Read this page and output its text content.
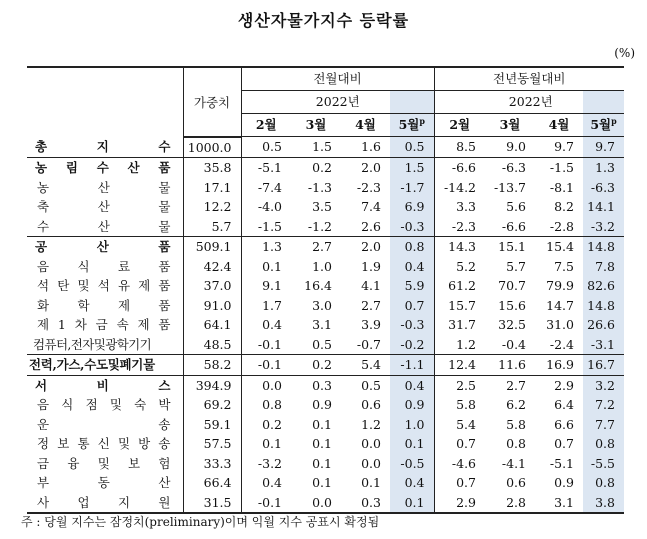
생산자물가지수 등락률
(%)
	가중치	전월대비				전년동월대비			
		2022년				2022년			
		2월	3월	4월	5월$^p$	2월	3월	4월	5월$^p$
총 지 수	1000.0	0.5	1.5	1.6	0.5	8.5	9.0	9.7	9.7
농 림 수 산 품	35.8	-5.1	0.2	2.0	1.5	-6.6	-6.3	-1.5	1.3
농 산 물	17.1	-7.4	-1.3	-2.3	-1.7	-14.2	-13.7	-8.1	-6.3
축 산 물	12.2	-4.0	3.5	7.4	6.9	3.3	5.6	8.2	14.1
수 산 물	5.7	-1.5	-1.2	2.6	-0.3	-2.3	-6.6	-2.8	-3.2
공 산 품	509.1	1.3	2.7	2.0	0.8	14.3	15.1	15.4	14.8
음 식 료 품	42.4	0.1	1.0	1.9	0.4	5.2	5.7	7.5	7.8
석 탄 및 석 유 제 품	37.0	9.1	16.4	4.1	5.9	61.2	70.7	79.9	82.6
화 학 제 품	91.0	1.7	3.0	2.7	0.7	15.7	15.6	14.7	14.8
제 1 차 금 속 제 품	64.1	0.4	3.1	3.9	-0.3	31.7	32.5	31.0	26.6
컴퓨터,전자및광학기기	48.5	-0.1	0.5	-0.7	-0.2	1.2	-0.4	-2.4	-3.1
전력,가스,수도및폐기물	58.2	-0.1	0.2	5.4	-1.1	12.4	11.6	16.9	16.7
서 비 스	394.9	0.0	0.3	0.5	0.4	2.5	2.7	2.9	3.2
음 식 점 및 숙 박	69.2	0.8	0.9	0.6	0.9	5.8	6.2	6.4	7.2
운 송	59.1	0.2	0.1	1.2	1.0	5.4	5.8	6.6	7.7
정 보 통 신 및 방 송	57.5	0.1	0.1	0.0	0.1	0.7	0.8	0.7	0.8
금 융 및 보 험	33.3	-3.2	0.1	0.0	-0.5	-4.6	-4.1	-5.1	-5.5
부 동 산	66.4	0.4	0.1	0.1	0.4	0.7	0.6	0.9	0.8
사 업 지 원	31.5	-0.1	0.0	0.3	0.1	2.9	2.8	3.1	3.8
주 : 당월 지수는 잠정치(preliminary)이며 익월 지수 공표시 확정됨
